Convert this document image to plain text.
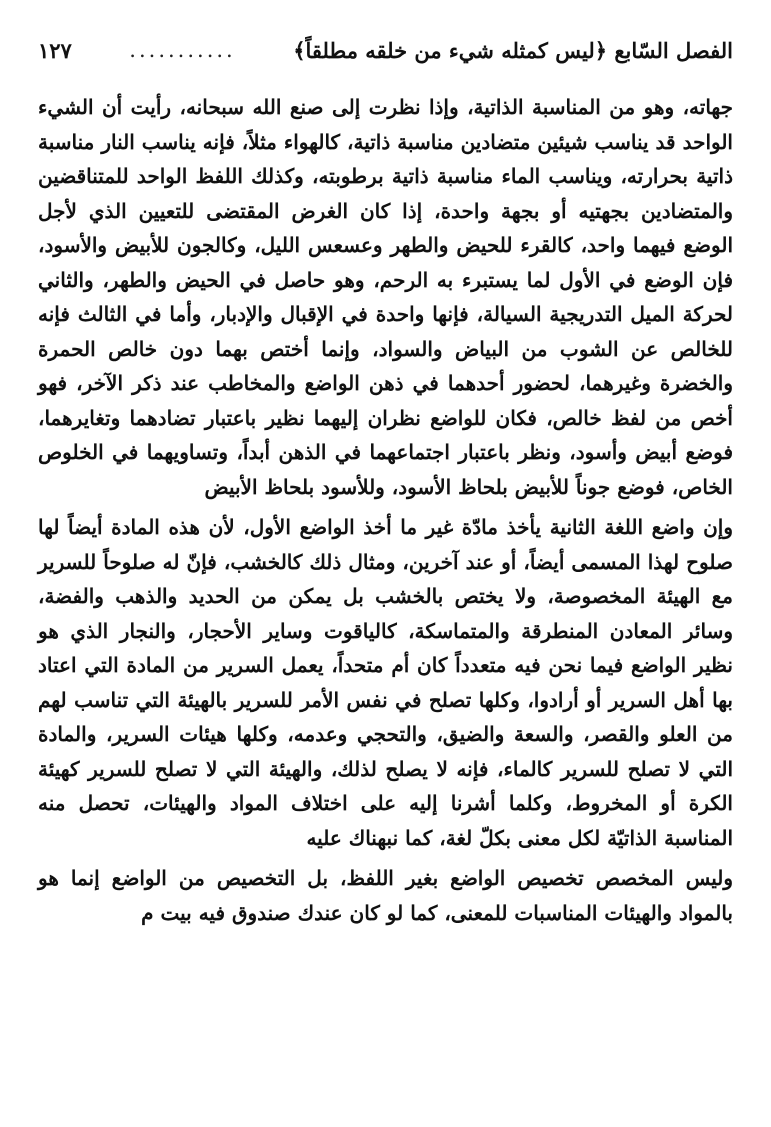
الفصل السّابع ﴿ليس كمثله شيء من خلقه مطلقاً﴾
...........
١٢٧

جهاته، وهو من المناسبة الذاتية، وإذا نظرت إلى صنع الله سبحانه، رأيت أن الشيء الواحد قد يناسب شيئين متضادين مناسبة ذاتية، كالهواء مثلاً، فإنه يناسب النار مناسبة ذاتية بحرارته، ويناسب الماء مناسبة ذاتية برطوبته، وكذلك اللفظ الواحد للمتناقضين والمتضادين بجهتيه أو بجهة واحدة، إذا كان الغرض المقتضى للتعيين الذي لأجل الوضع فيهما واحد، كالقرء للحيض والطهر وعسعس الليل، وكالجون للأبيض والأسود، فإن الوضع في الأول لما يستبرء به الرحم، وهو حاصل في الحيض والطهر، والثاني لحركة الميل التدريجية السيالة، فإنها واحدة في الإقبال والإدبار، وأما في الثالث فإنه للخالص عن الشوب من البياض والسواد، وإنما أختص بهما دون خالص الحمرة والخضرة وغيرهما، لحضور أحدهما في ذهن الواضع والمخاطب عند ذكر الآخر، فهو أخص من لفظ خالص، فكان للواضع نظران إليهما نظير باعتبار تضادهما وتغايرهما، فوضع أبيض وأسود، ونظر باعتبار اجتماعهما في الذهن أبداً، وتساويهما في الخلوص الخاص، فوضع جوناً للأبيض بلحاظ الأسود، وللأسود بلحاظ الأبيض

وإن واضع اللغة الثانية يأخذ مادّة غير ما أخذ الواضع الأول، لأن هذه المادة أيضاً لها صلوح لهذا المسمى أيضاً، أو عند آخرين، ومثال ذلك كالخشب، فإنّ له صلوحاً للسرير مع الهيئة المخصوصة، ولا يختص بالخشب بل يمكن من الحديد والذهب والفضة، وسائر المعادن المنطرقة والمتماسكة، كالياقوت وساير الأحجار، والنجار الذي هو نظير الواضع فيما نحن فيه متعدداً كان أم متحداً، يعمل السرير من المادة التي اعتاد بها أهل السرير أو أرادوا، وكلها تصلح في نفس الأمر للسرير بالهيئة التي تناسب لهم من العلو والقصر، والسعة والضيق، والتحجي وعدمه، وكلها هيئات السرير، والمادة التي لا تصلح للسرير كالماء، فإنه لا يصلح لذلك، والهيئة التي لا تصلح للسرير كهيئة الكرة أو المخروط، وكلما أشرنا إليه على اختلاف المواد والهيئات، تحصل منه المناسبة الذاتيّة لكل معنى بكلّ لغة، كما نبهناك عليه

وليس المخصص تخصيص الواضع بغير اللفظ، بل التخصيص من الواضع إنما هو بالمواد والهيئات المناسبات للمعنى، كما لو كان عندك صندوق فيه بيت م
